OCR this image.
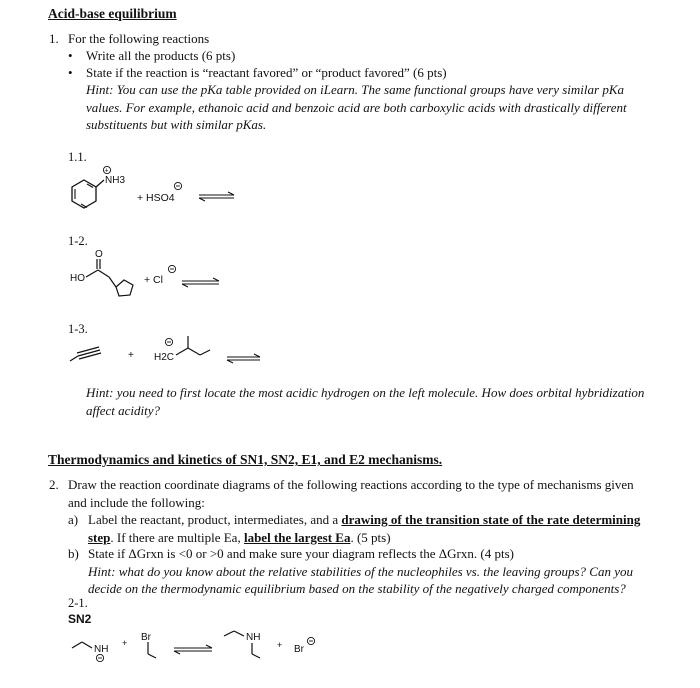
Acid-base equilibrium
1. For the following reactions
• Write all the products (6 pts)
• State if the reaction is “reactant favored” or “product favored” (6 pts)
Hint: You can use the pKa table provided on iLearn. The same functional groups have very similar pKa
values. For example, ethanoic acid and benzoic acid are both carboxylic acids with drastically different
substituents but with similar pKas.
1.1.
+
NH3
+ HSO4
1-2.
O
HO	+ Cl
1-3.
+ H2C
Hint: you need to first locate the most acidic hydrogen on the left molecule. How does orbital hybridization
affect acidity?
Thermodynamics and kinetics of SN1, SN2, E1, and E2 mechanisms.
2. Draw the reaction coordinate diagrams of the following reactions according to the type of mechanisms given
and include the following:
a) Label the reactant, product, intermediates, and a drawing of the transition state of the rate determining
step. If there are multiple Ea, label the largest Ea. (5 pts)
b) State if ΔGrxn is <0 or >0 and make sure your diagram reflects the ΔGrxn. (4 pts)
Hint: what do you know about the relative stabilities of the nucleophiles vs. the leaving groups? Can you
decide on the thermodynamic equilibrium based on the stability of the negatively charged components?
2-1.
SN2
NH
+ Br	NH
+ Br
